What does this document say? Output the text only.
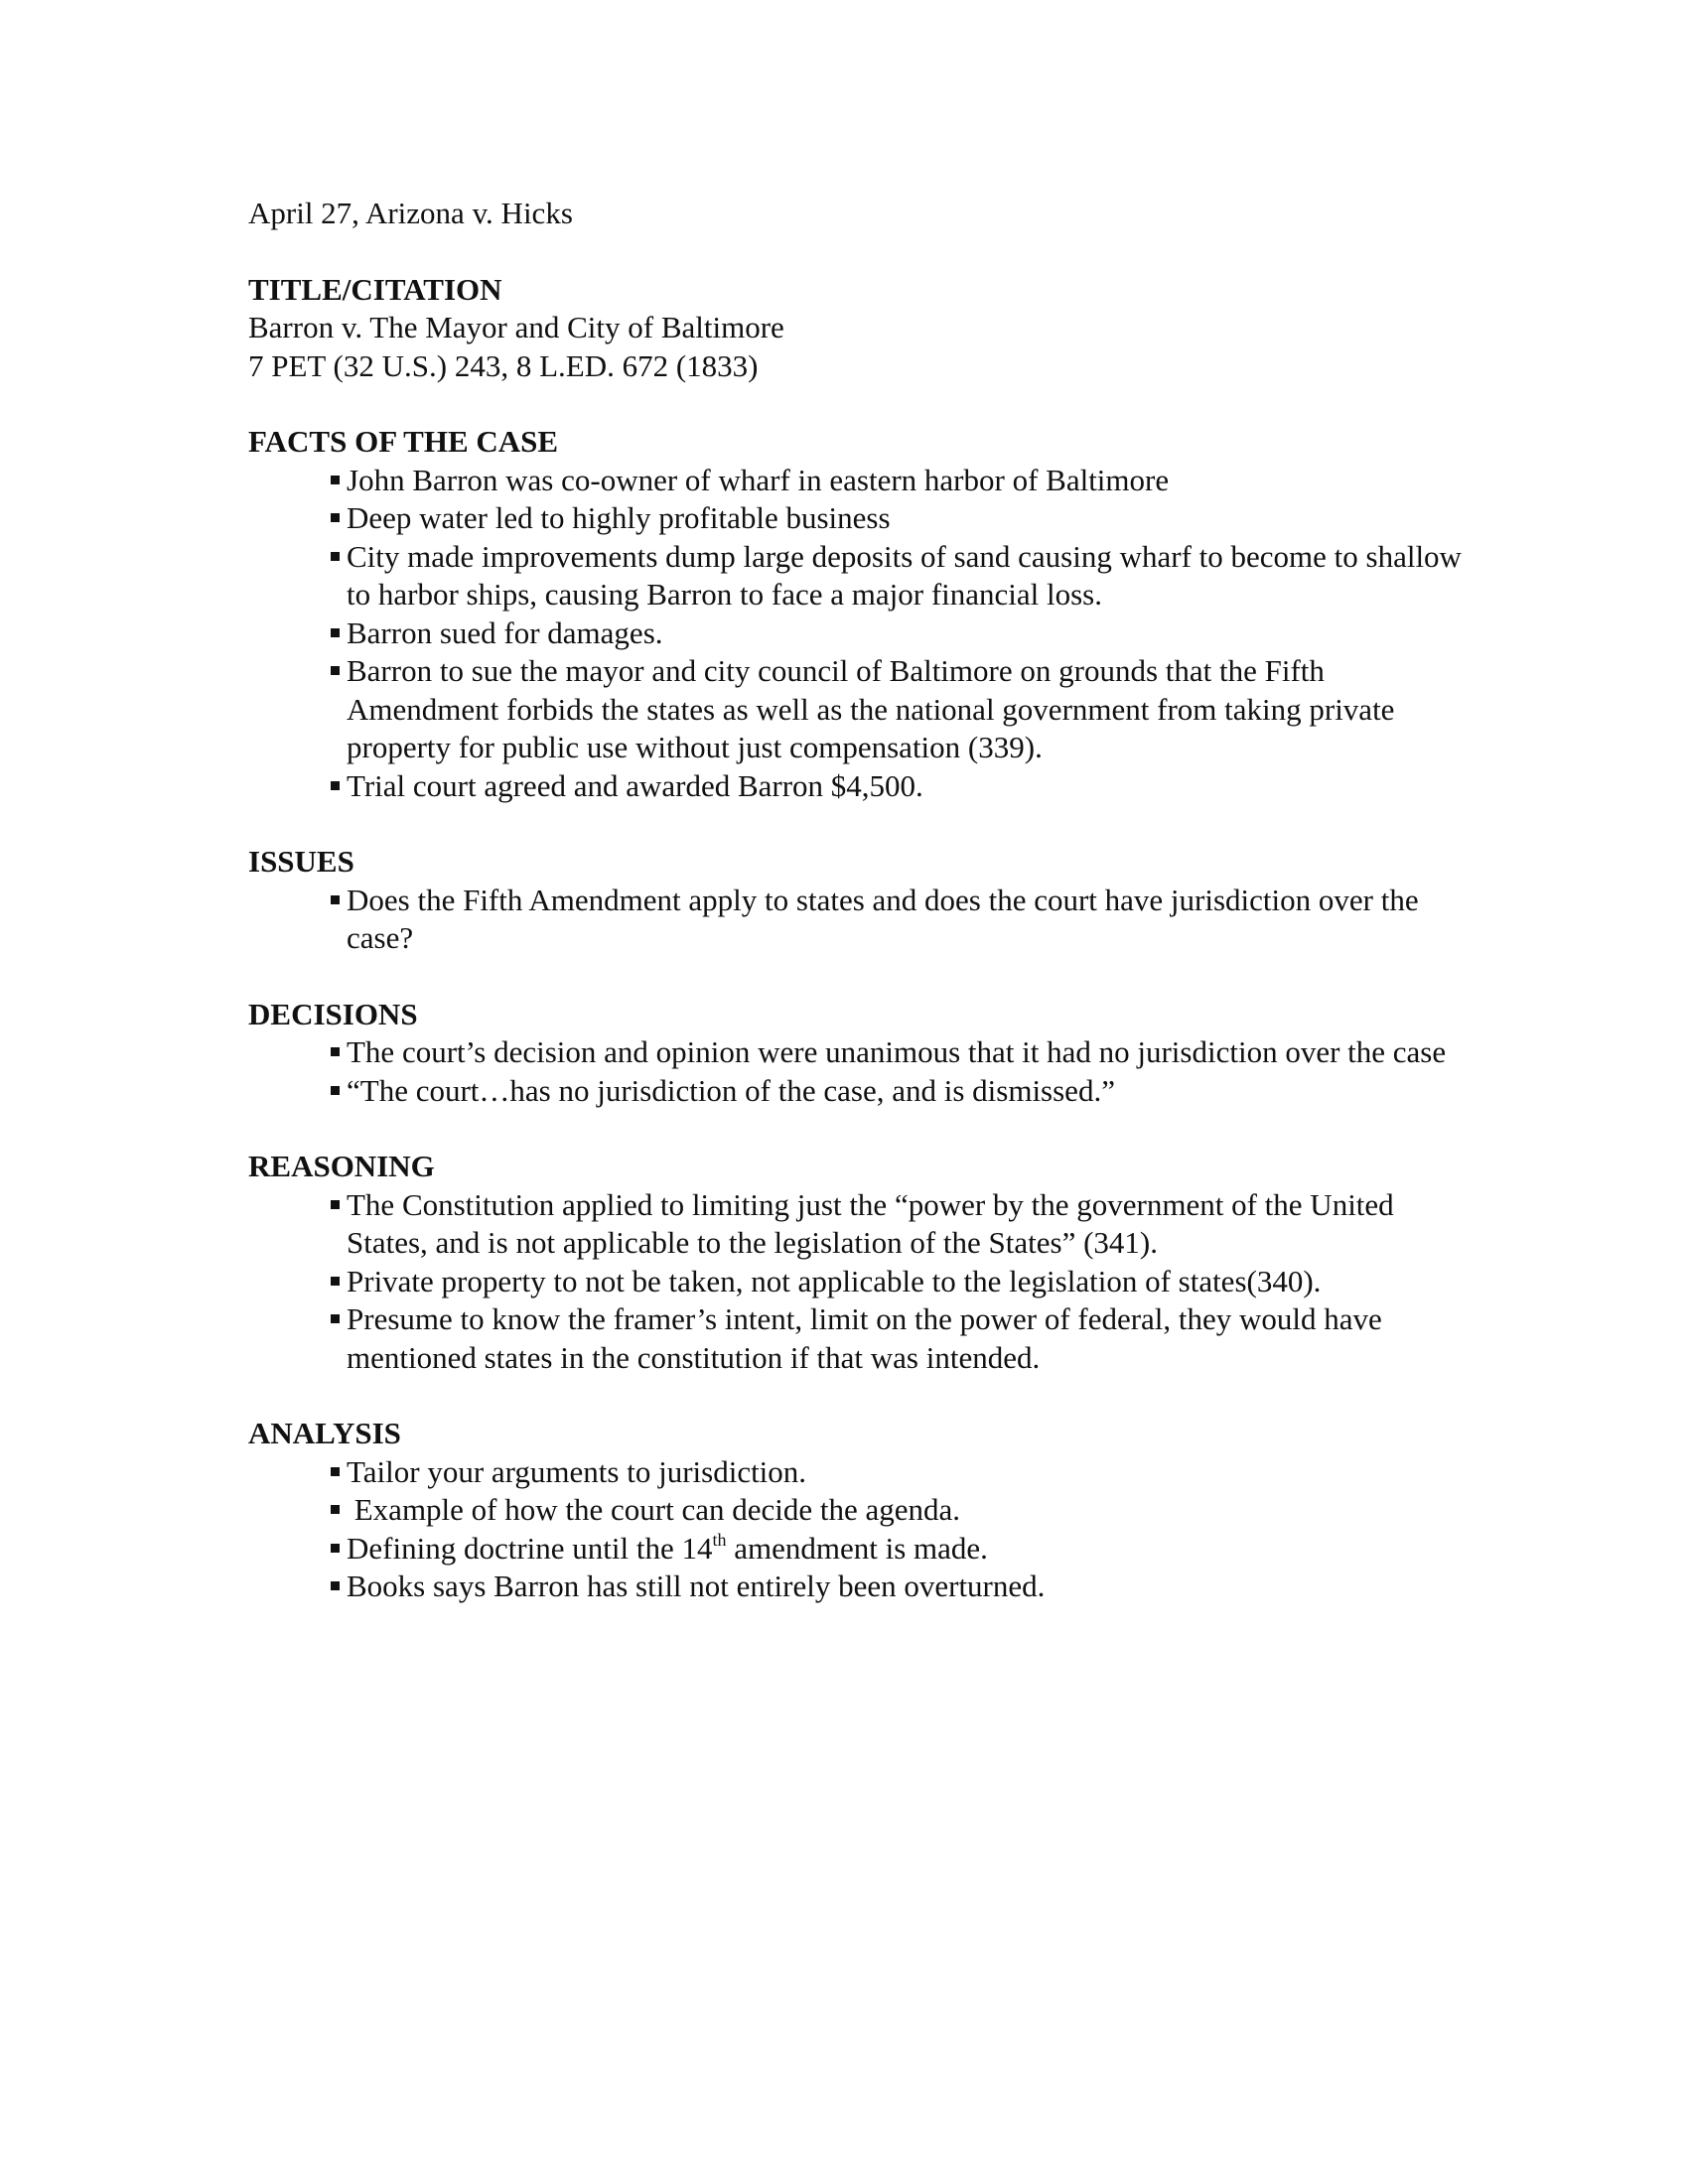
April 27, Arizona v. Hicks

TITLE/CITATION

Barron v. The Mayor and City of Baltimore

7 PET (32 U.S.) 243, 8 L.ED. 672 (1833)

FACTS OF THE CASE

John Barron was co-owner of wharf in eastern harbor of Baltimore
Deep water led to highly profitable business
City made improvements dump large deposits of sand causing wharf to become to shallow to harbor ships, causing Barron to face a major financial loss.
Barron sued for damages.
Barron to sue the mayor and city council of Baltimore on grounds that the Fifth Amendment forbids the states as well as the national government from taking private property for public use without just compensation (339).
Trial court agreed and awarded Barron $4,500.

ISSUES

Does the Fifth Amendment apply to states and does the court have jurisdiction over the case?

DECISIONS

The court’s decision and opinion were unanimous that it had no jurisdiction over the case
“The court…has no jurisdiction of the case, and is dismissed.”

REASONING

The Constitution applied to limiting just the “power by the government of the United States, and is not applicable to the legislation of the States” (341).
Private property to not be taken, not applicable to the legislation of states(340).
Presume to know the framer’s intent, limit on the power of federal, they would have mentioned states in the constitution if that was intended.

ANALYSIS

Tailor your arguments to jurisdiction.
Example of how the court can decide the agenda.
Defining doctrine until the 14th amendment is made.
Books says Barron has still not entirely been overturned.
